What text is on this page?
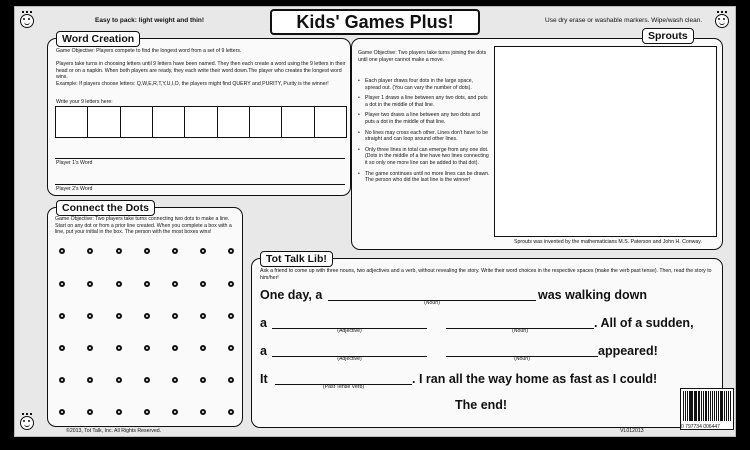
Easy to pack: light weight and thin!	Kids' Games Plus!	Use dry erase or washable markers. Wipe/wash clean.
Word Creation
Game Objective: Players compete to find the longest word from a set of 9 letters.
Players take turns in choosing letters until 9 letters have been named. They then each create a word using the 9 letters in their head or on a napkin. When both players are ready, they each write their word down.The player who creates the longest word wins.
Example: If players choose letters: Q,W,E,R,T,Y,U,I,O, the players might find QUERY and PURITY, Purity is the winner!
Write your 9 letters here:
Player 1's Word
Player 2's Word
Connect the Dots
Game Objective: Two players take turns connecting two dots to make a line. Start on any dot or from a prior line created. When you complete a box with a line, put your initial in the box. The person with the most boxes wins!
Sprouts
Game Objective: Two players take turns joining the dots until one player cannot make a move.
• Each player draws four dots in the large space, spread out. (You can vary the number of dots).
• Player 1 draws a line between any two dots, and puts a dot in the middle of that line.
• Player two draws a line between any two dots and puts a dot in the middle of that line.
• No lines may cross each other. Lines don't have to be straight and can loop around other lines.
• Only three lines in total can emerge from any one dot. (Dots in the middle of a line have two lines connecting it so only one more line can be added to that dot).
• The game continues until no more lines can be drawn. The person who did the last line is the winner!
Sprouts was invented by the mathematicians M.S. Paterson and John H. Conway.
Tot Talk Lib!
Ask a friend to come up with three nouns, two adjectives and a verb, without revealing the story. Write their word choices in the respective spaces (make the verb past tense). Then, read the story to him/her!
One day, a
(Noun)
was walking down
a
(Adjective)	(Noun)
. All of a sudden,
a
(Adjective)	(Noun)
appeared!
It
(Past Tense Verb)
. I ran all the way home as fast as I could!
The end!
©2013, Tot Talk, Inc. All Rights Reserved.	VL012013
0 797734 006447
